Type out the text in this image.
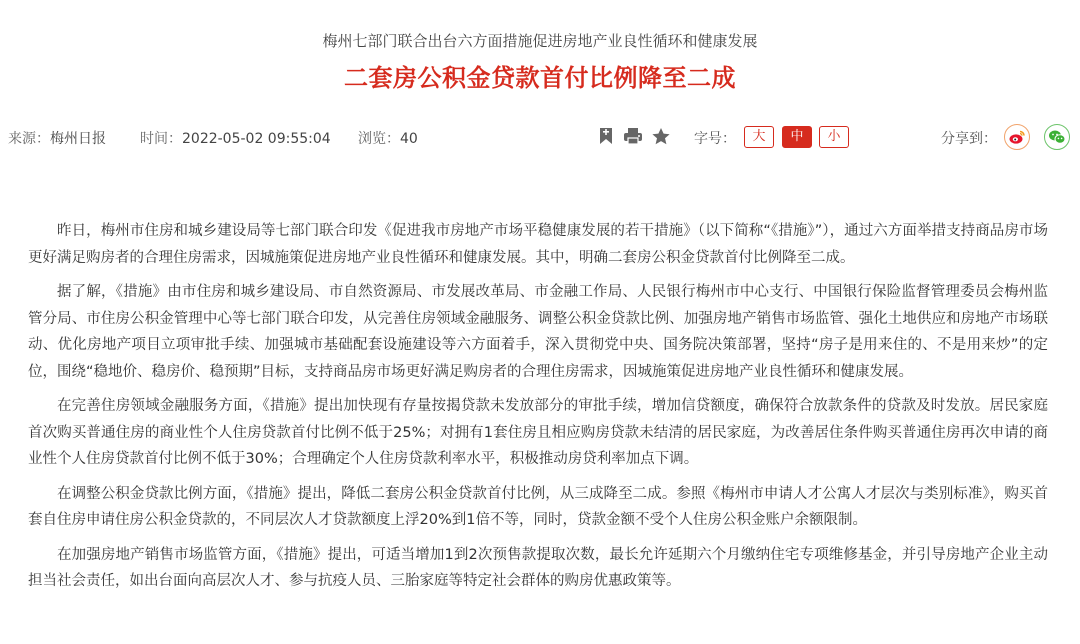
梅州七部门联合出台六方面措施促进房地产业良性循环和健康发展
二套房公积金贷款首付比例降至二成
来源：梅州日报 时间：2022-05-02 09:55:04 浏览：40	字号：	大	中	小	分享到：

昨日，梅州市住房和城乡建设局等七部门联合印发《促进我市房地产市场平稳健康发展的若干措施》（以下简称“《措施》”），通过六方面举措支持商品房市场更好满足购房者的合理住房需求，因城施策促进房地产业良性循环和健康发展。其中，明确二套房公积金贷款首付比例降至二成。

据了解，《措施》由市住房和城乡建设局、市自然资源局、市发展改革局、市金融工作局、人民银行梅州市中心支行、中国银行保险监督管理委员会梅州监管分局、市住房公积金管理中心等七部门联合印发，从完善住房领域金融服务、调整公积金贷款比例、加强房地产销售市场监管、强化土地供应和房地产市场联动、优化房地产项目立项审批手续、加强城市基础配套设施建设等六方面着手，深入贯彻党中央、国务院决策部署，坚持“房子是用来住的、不是用来炒”的定位，围绕“稳地价、稳房价、稳预期”目标，支持商品房市场更好满足购房者的合理住房需求，因城施策促进房地产业良性循环和健康发展。

在完善住房领域金融服务方面，《措施》提出加快现有存量按揭贷款未发放部分的审批手续，增加信贷额度，确保符合放款条件的贷款及时发放。居民家庭首次购买普通住房的商业性个人住房贷款首付比例不低于25%；对拥有1套住房且相应购房贷款未结清的居民家庭，为改善居住条件购买普通住房再次申请的商业性个人住房贷款首付比例不低于30%；合理确定个人住房贷款利率水平，积极推动房贷利率加点下调。

在调整公积金贷款比例方面，《措施》提出，降低二套房公积金贷款首付比例，从三成降至二成。参照《梅州市申请人才公寓人才层次与类别标准》，购买首套自住房申请住房公积金贷款的，不同层次人才贷款额度上浮20%到1倍不等，同时，贷款金额不受个人住房公积金账户余额限制。

在加强房地产销售市场监管方面，《措施》提出，可适当增加1到2次预售款提取次数，最长允许延期六个月缴纳住宅专项维修基金，并引导房地产企业主动担当社会责任，如出台面向高层次人才、参与抗疫人员、三胎家庭等特定社会群体的购房优惠政策等。
